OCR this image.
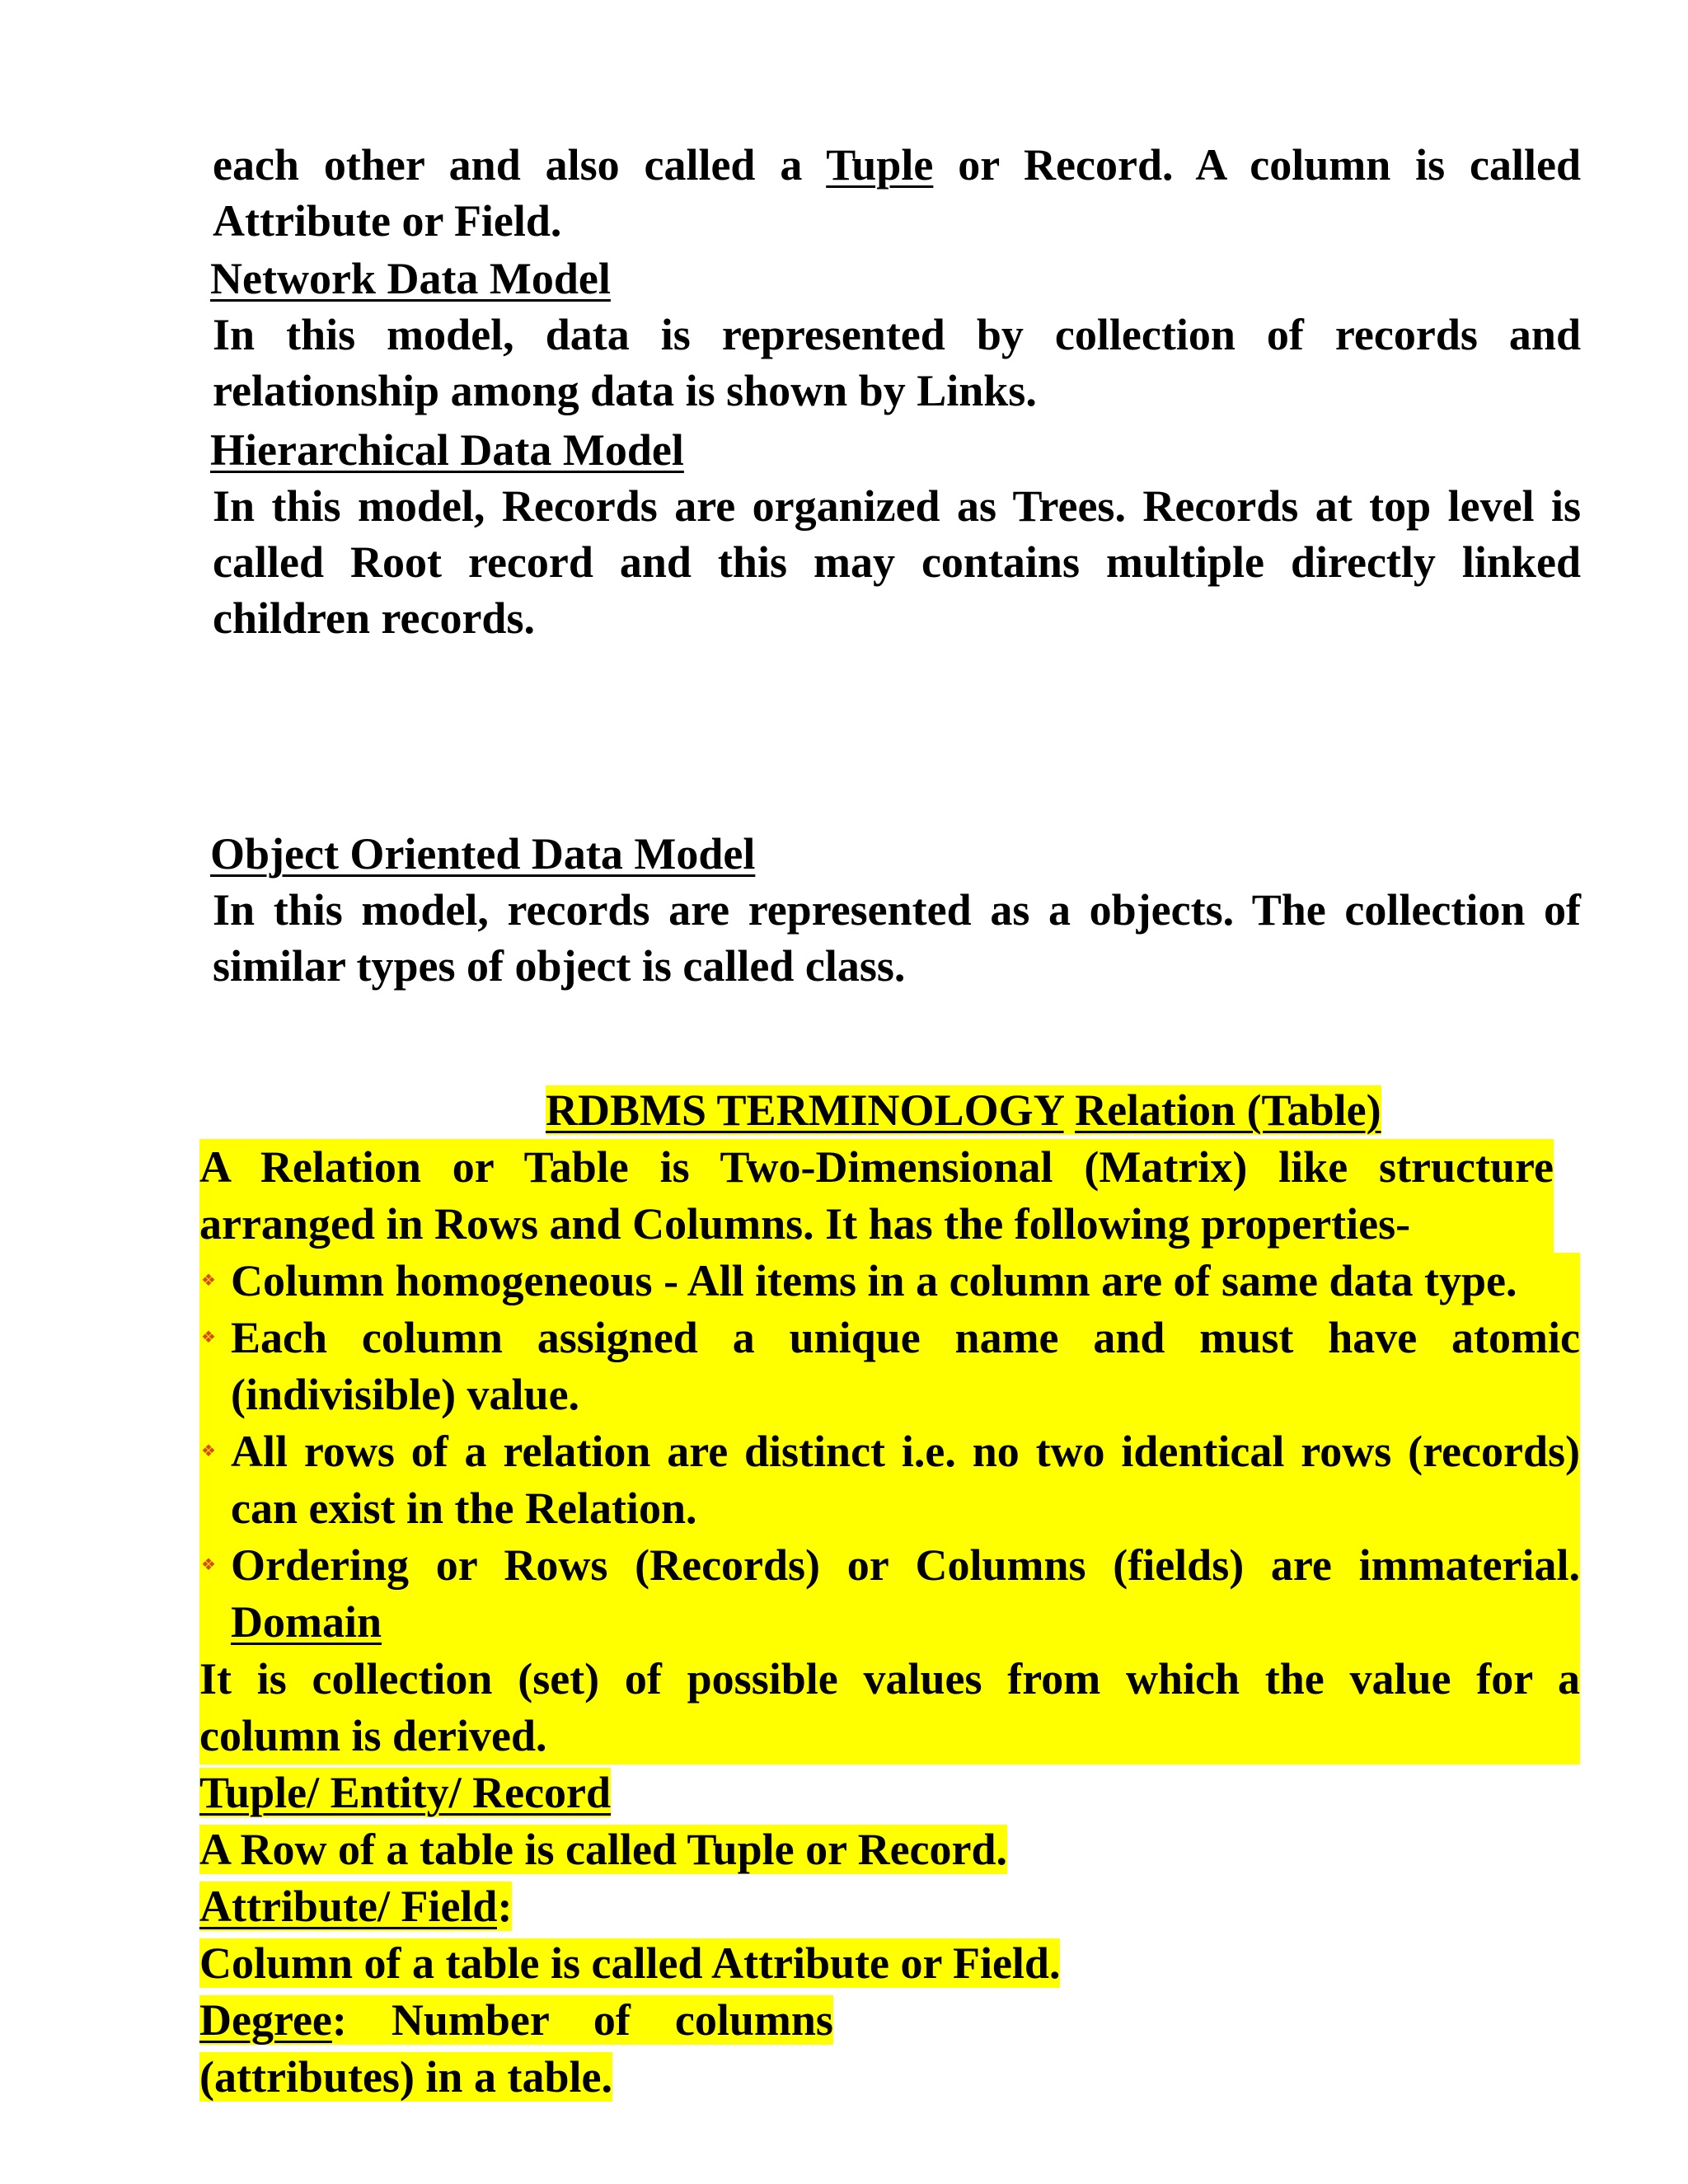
each other and also called a Tuple or Record. A column is called

Attribute or Field.

Network Data Model

In this model, data is represented by collection of records and relationship among data is shown by Links.

Hierarchical Data Model

In this model, Records are organized as Trees. Records at top level is called Root record and this may contains multiple directly linked children records.

Object Oriented Data Model

In this model, records are represented as a objects. The collection of similar types of object is called class.

RDBMS TERMINOLOGY Relation (Table)
A Relation or Table is Two-Dimensional (Matrix) like structure
arranged in Rows and Columns. It has the following properties-
❖ Column homogeneous - All items in a column are of same data type.
❖ Each column assigned a unique name and must have atomic
(indivisible) value.
❖ All rows of a relation are distinct i.e. no two identical rows (records)
can exist in the Relation.
❖ Ordering or Rows (Records) or Columns (fields) are immaterial.
Domain
It is collection (set) of possible values from which the value for a
column is derived.
Tuple/ Entity/ Record
A Row of a table is called Tuple or Record.
Attribute/ Field:
Column of a table is called Attribute or Field.
Degree:    Number    of    columns
(attributes) in a table.
